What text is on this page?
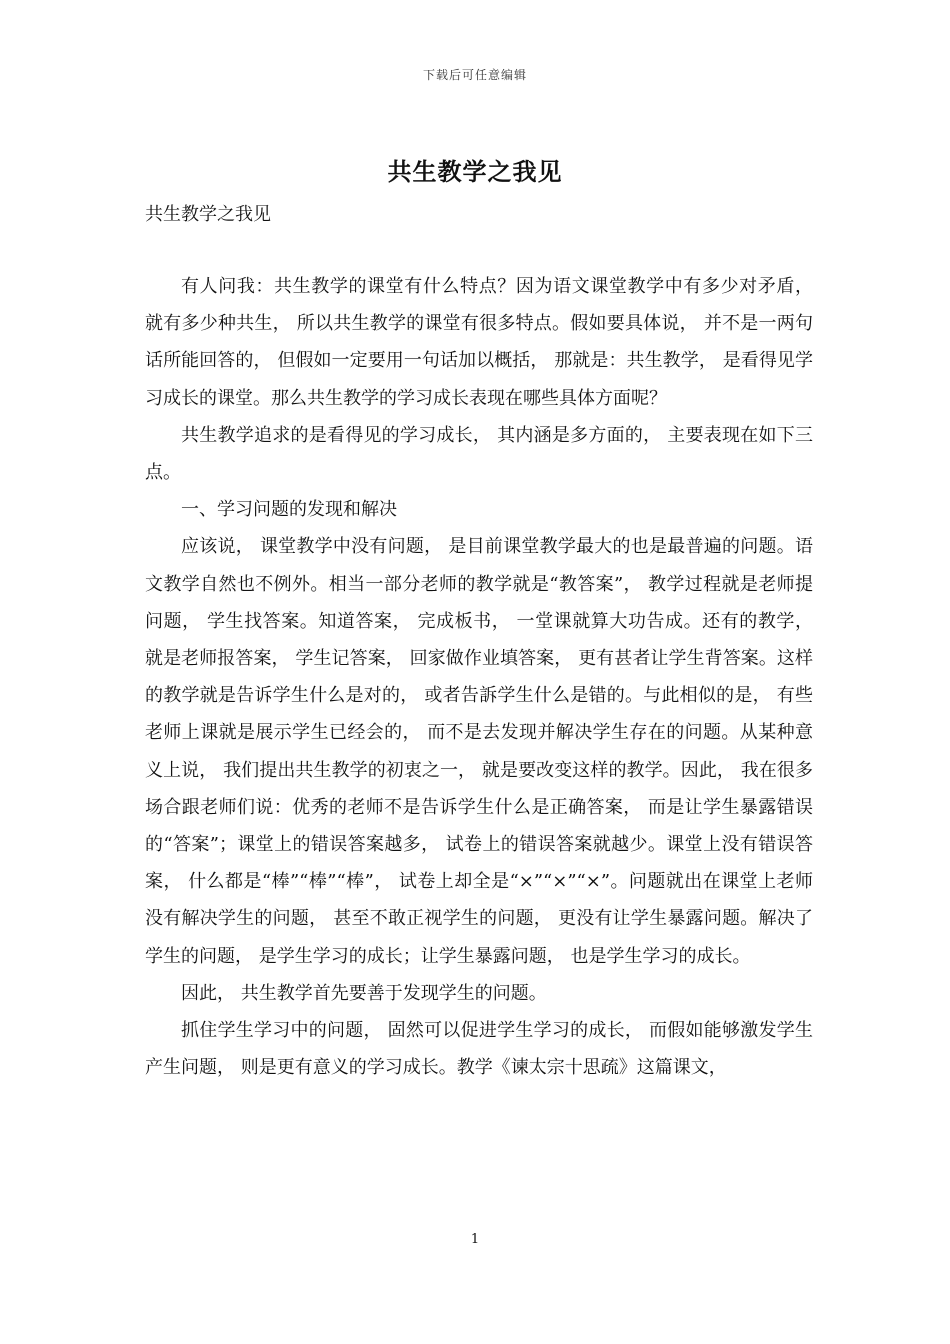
下载后可任意编辑
共生教学之我见
共生教学之我见

有人问我：共生教学的课堂有什么特点？因为语文课堂教学中有多少对矛盾， 就有多少种共生， 所以共生教学的课堂有很多特点。假如要具体说， 并不是一两句话所能回答的， 但假如一定要用一句话加以概括， 那就是：共生教学， 是看得见学习成长的课堂。那么共生教学的学习成长表现在哪些具体方面呢？

共生教学追求的是看得见的学习成长， 其内涵是多方面的， 主要表现在如下三点。

一、学习问题的发现和解决

应该说， 课堂教学中没有问题， 是目前课堂教学最大的也是最普遍的问题。语文教学自然也不例外。相当一部分老师的教学就是“教答案”， 教学过程就是老师提问题， 学生找答案。知道答案， 完成板书， 一堂课就算大功告成。还有的教学， 就是老师报答案， 学生记答案， 回家做作业填答案， 更有甚者让学生背答案。这样的教学就是告诉学生什么是对的， 或者告訴学生什么是错的。与此相似的是， 有些老师上课就是展示学生已经会的， 而不是去发现并解决学生存在的问题。从某种意义上说， 我们提出共生教学的初衷之一， 就是要改变这样的教学。因此， 我在很多场合跟老师们说：优秀的老师不是告诉学生什么是正确答案， 而是让学生暴露错误的“答案”；课堂上的错误答案越多， 试卷上的错误答案就越少。课堂上没有错误答案， 什么都是“棒”“棒”“棒”， 试卷上却全是“×”“×”“×”。问题就出在课堂上老师没有解决学生的问题， 甚至不敢正视学生的问题， 更没有让学生暴露问题。解决了学生的问题， 是学生学习的成长；让学生暴露问题， 也是学生学习的成长。

因此， 共生教学首先要善于发现学生的问题。

抓住学生学习中的问题， 固然可以促进学生学习的成长， 而假如能够激发学生产生问题， 则是更有意义的学习成长。教学《谏太宗十思疏》这篇课文，

1
